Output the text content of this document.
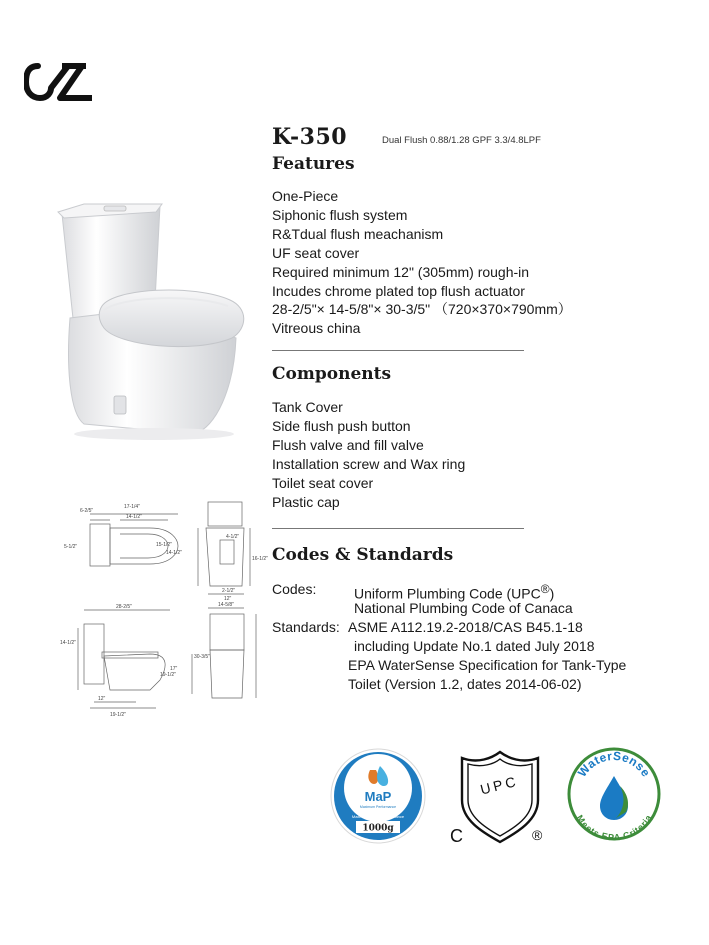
K-350	Dual Flush 0.88/1.28 GPF 3.3/4.8LPF
Features
One-Piece
Siphonic flush system
R&Tdual flush meachanism
UF seat cover
Required minimum 12" (305mm) rough-in
Incudes chrome plated top flush actuator
28-2/5"× 14-5/8"× 30-3/5" （720×370×790mm）
Vitreous china
Components
Tank Cover
Side flush push button
Flush valve and fill valve
Installation screw and Wax ring
Toilet seat cover
Plastic cap
Codes & Standards
Codes:	Uniform Plumbing Code (UPC®)
National Plumbing Code of Canaca
Standards: ASME A112.19.2-2018/CAS B45.1-18
including Update No.1 dated July 2018
EPA WaterSense Specification for Tank-Type
Toilet (Version 1.2, dates 2014-06-02)
6-2/5"
17-1/4"
14-1/2"
5-1/2"	15-1/2"
14-1/2"
4-1/2"
16-1/2"
2-1/2"
12"
28-2/5"	14-5/8"
14-1/2"
30-3/5"
19-1/2"
17"
12"
19-1/2"
MaP
Maximum Performance
Maximum Flush Performance
1000g
UPC
C	®
WaterSense
Meets EPA Criteria
